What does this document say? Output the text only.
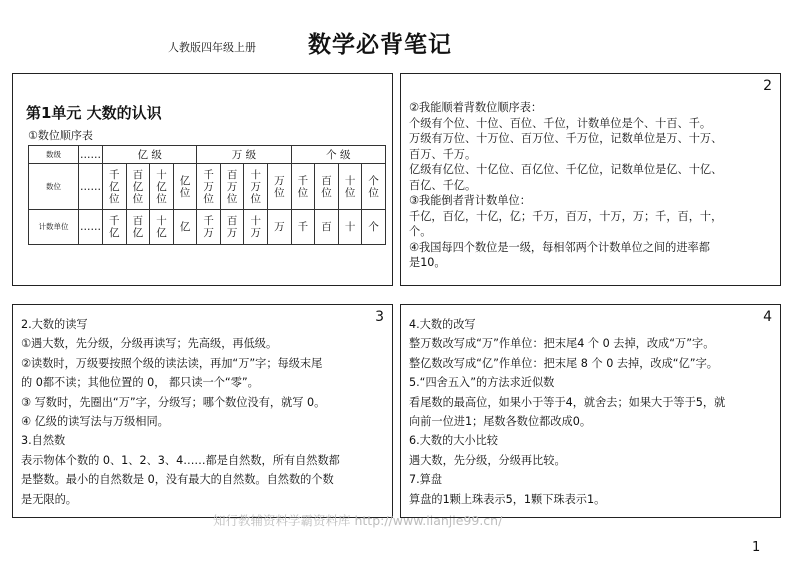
人教版四年级上册 数学必背笔记
第1单元 大数的认识
①数位顺序表
数级	……	亿 级				万 级				个 级			
数位	……	千亿位	百亿位	十亿位	亿位	千万位	百万位	十万位	万位	千位	百位	十位	个位
计数单位	……	千亿	百亿	十亿	亿	千万	百万	十万	万	千	百	十	个
2
②我能顺着背数位顺序表：
个级有个位、十位、百位、千位，计数单位是个、十百、千。
万级有万位、十万位、百万位、千万位，记数单位是万、十万、
百万、千万。
亿级有亿位、十亿位、百亿位、千亿位，记数单位是亿、十亿、
百亿、千亿。
③我能倒者背计数单位：
千亿，百亿，十亿，亿；千万，百万，十万，万；千，百，十，
个。
④我国每四个数位是一级，每相邻两个计数单位之间的进率都
是10。
3
2.大数的读写
①遇大数，先分级，分级再读写；先高级，再低级。
②读数时，万级要按照个级的读法读，再加“万”字；每级末尾
的 0都不读；其他位置的 0， 都只读一个“零”。
③ 写数时，先圈出“万”字，分级写；哪个数位没有，就写 0。
④ 亿级的读写法与万级相同。
3.自然数
表示物体个数的 0、1、2、3、4……都是自然数，所有自然数都
是整数。最小的自然数是 0，没有最大的自然数。自然数的个数
是无限的。
4
4.大数的改写
整万数改写成“万”作单位：把末尾4 个 0 去掉，改成“万”字。
整亿数改写成“亿”作单位：把末尾 8 个 0 去掉，改成“亿”字。
5.“四舍五入”的方法求近似数
看尾数的最高位，如果小于等于4，就舍去；如果大于等于5，就
向前一位进1；尾数各数位都改成0。
6.大数的大小比较
遇大数，先分级，分级再比较。
7.算盘
算盘的1颗上珠表示5，1颗下珠表示1。
知行教辅资料学霸资料库 http://www.lianjie99.cn/
1
